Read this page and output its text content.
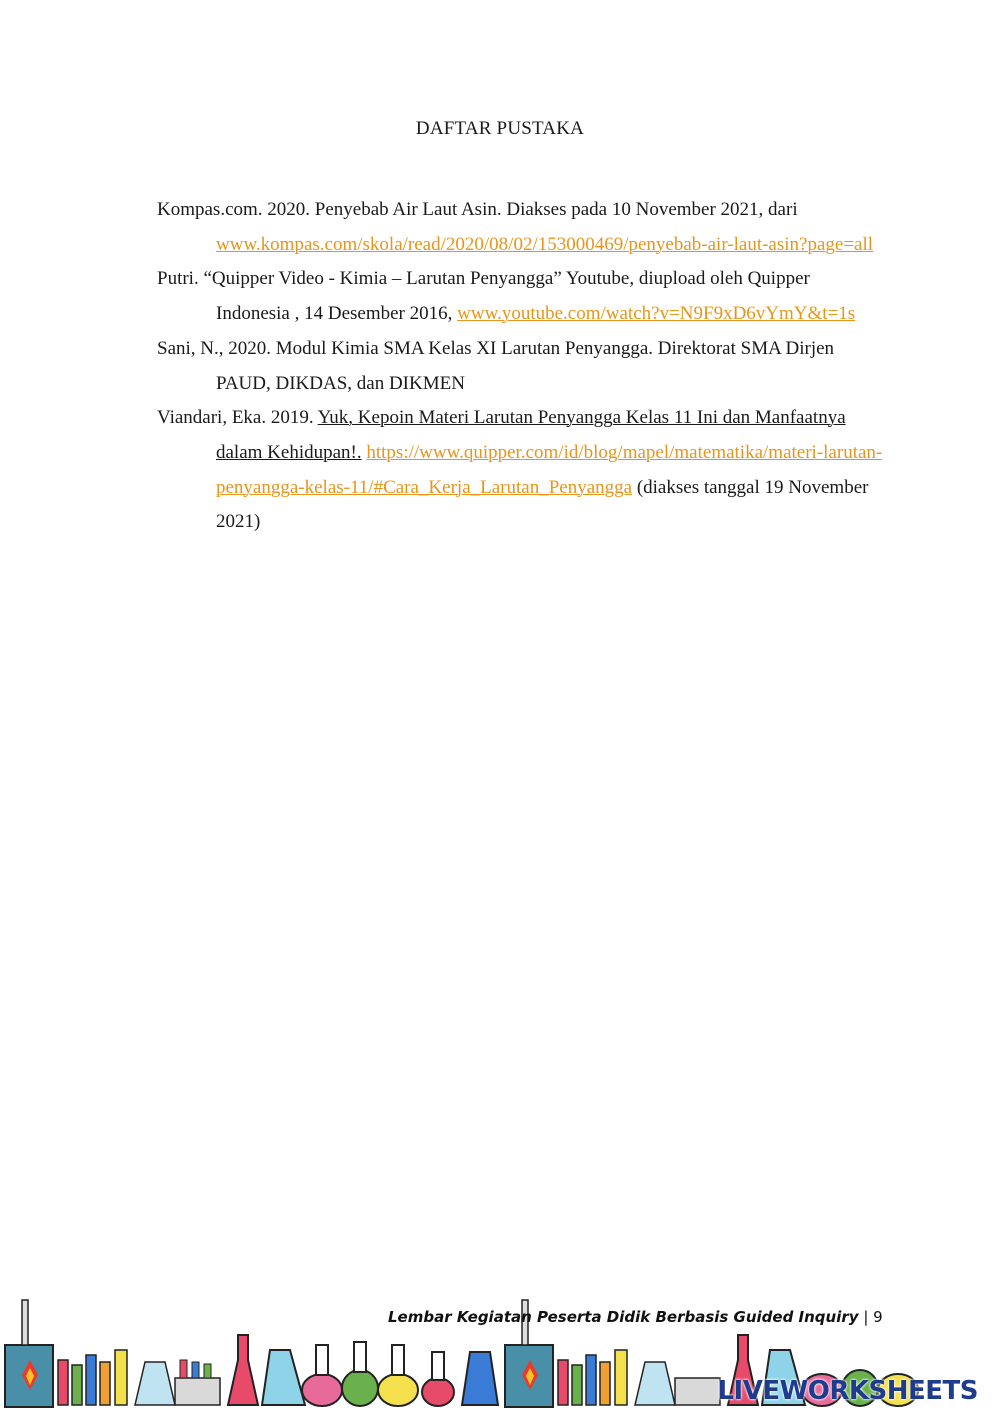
DAFTAR PUSTAKA

Kompas.com. 2020. Penyebab Air Laut Asin. Diakses pada 10 November 2021, dari www.kompas.com/skola/read/2020/08/02/153000469/penyebab-air-laut-asin?page=all

Putri. “Quipper Video - Kimia – Larutan Penyangga” Youtube, diupload oleh Quipper Indonesia , 14 Desember 2016, www.youtube.com/watch?v=N9F9xD6vYmY&t=1s

Sani, N., 2020. Modul Kimia SMA Kelas XI Larutan Penyangga. Direktorat SMA Dirjen PAUD, DIKDAS, dan DIKMEN

Viandari, Eka. 2019. Yuk, Kepoin Materi Larutan Penyangga Kelas 11 Ini dan Manfaatnya dalam Kehidupan!. https://www.quipper.com/id/blog/mapel/matematika/materi-larutan-penyangga-kelas-11/#Cara_Kerja_Larutan_Penyangga (diakses tanggal 19 November 2021)

Lembar Kegiatan Peserta Didik Berbasis Guided Inquiry | 9
LIVEWORKSHEETS
